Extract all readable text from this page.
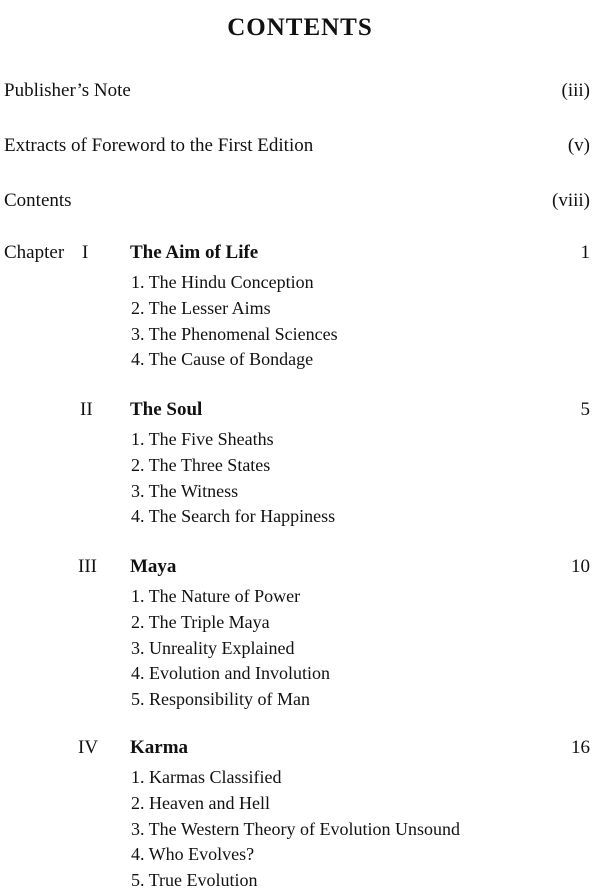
CONTENTS
Publisher’s Note	(iii)
Extracts of Foreword to the First Edition	(v)
Contents	(viii)
Chapter I The Aim of Life	1
1. The Hindu Conception
2. The Lesser Aims
3. The Phenomenal Sciences
4. The Cause of Bondage
II The Soul	5
1. The Five Sheaths
2. The Three States
3. The Witness
4. The Search for Happiness
III Maya	10
1. The Nature of Power
2. The Triple Maya
3. Unreality Explained
4. Evolution and Involution
5. Responsibility of Man
IV Karma	16
1. Karmas Classified
2. Heaven and Hell
3. The Western Theory of Evolution Unsound
4. Who Evolves?
5. True Evolution
